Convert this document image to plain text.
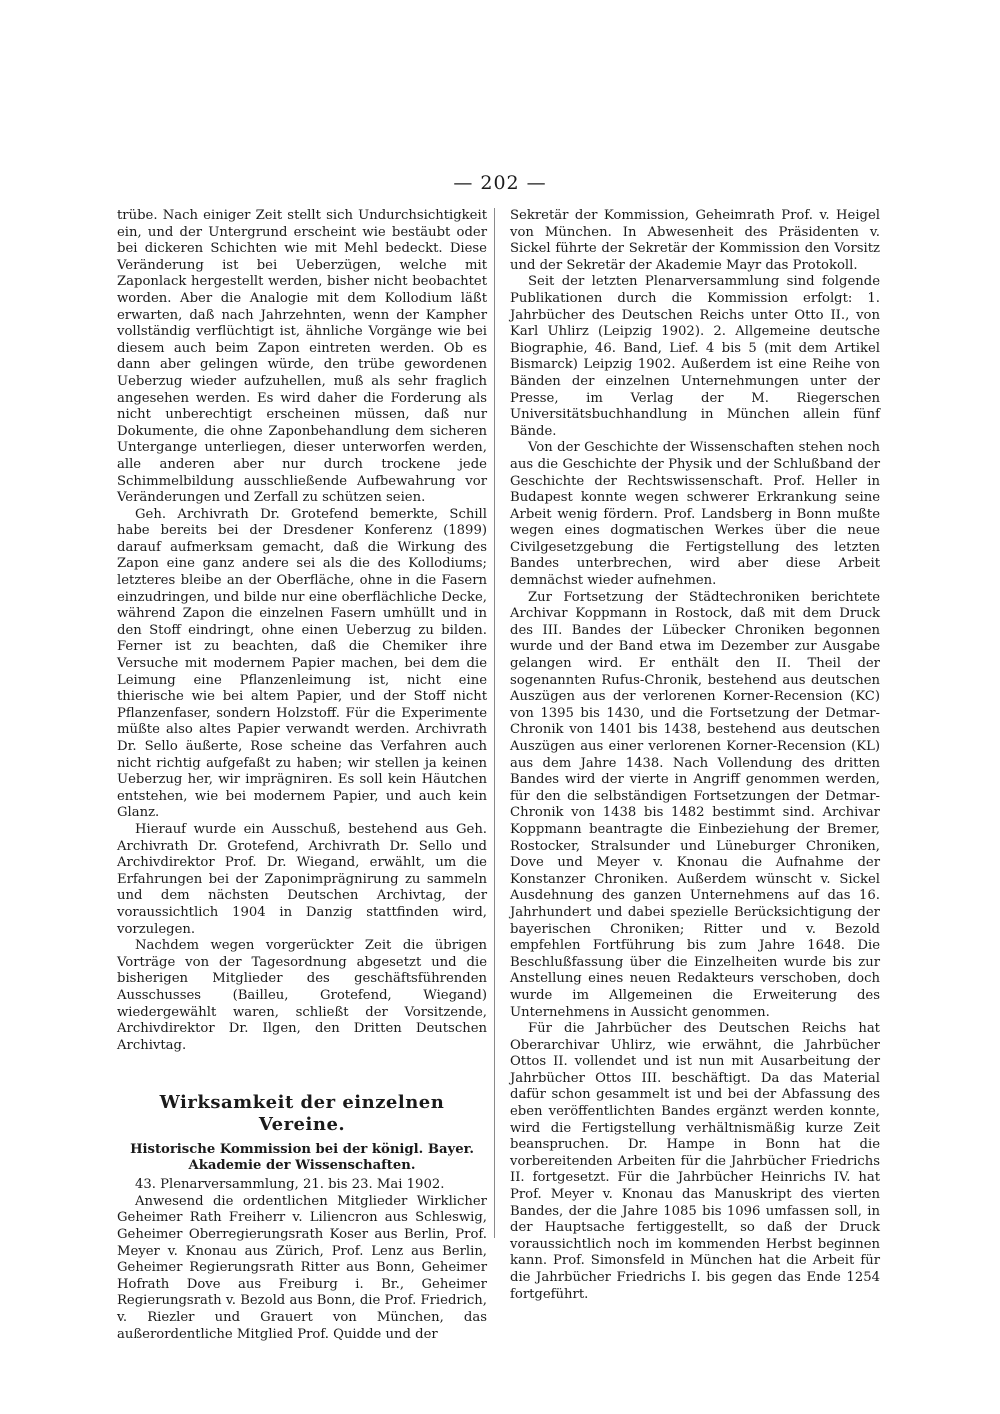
— 202 —

trübe. Nach einiger Zeit stellt sich Undurchsichtigkeit ein, und der Untergrund erscheint wie bestäubt oder bei dickeren Schichten wie mit Mehl bedeckt. Diese Veränderung ist bei Ueberzügen, welche mit Zaponlack hergestellt werden, bisher nicht beobachtet worden. Aber die Analogie mit dem Kollodium läßt erwarten, daß nach Jahrzehnten, wenn der Kampher vollständig verflüchtigt ist, ähnliche Vorgänge wie bei diesem auch beim Zapon eintreten werden. Ob es dann aber gelingen würde, den trübe gewordenen Ueberzug wieder aufzuhellen, muß als sehr fraglich angesehen werden. Es wird daher die Forderung als nicht unberechtigt erscheinen müssen, daß nur Dokumente, die ohne Zaponbehandlung dem sicheren Untergange unterliegen, dieser unterworfen werden, alle anderen aber nur durch trockene jede Schimmelbildung ausschließende Aufbewahrung vor Veränderungen und Zerfall zu schützen seien.

Geh. Archivrath Dr. Grotefend bemerkte, Schill habe bereits bei der Dresdener Konferenz (1899) darauf aufmerksam gemacht, daß die Wirkung des Zapon eine ganz andere sei als die des Kollodiums; letzteres bleibe an der Oberfläche, ohne in die Fasern einzudringen, und bilde nur eine oberflächliche Decke, während Zapon die einzelnen Fasern umhüllt und in den Stoff eindringt, ohne einen Ueberzug zu bilden. Ferner ist zu beachten, daß die Chemiker ihre Versuche mit modernem Papier machen, bei dem die Leimung eine Pflanzenleimung ist, nicht eine thierische wie bei altem Papier, und der Stoff nicht Pflanzenfaser, sondern Holzstoff. Für die Experimente müßte also altes Papier verwandt werden. Archivrath Dr. Sello äußerte, Rose scheine das Verfahren auch nicht richtig aufgefaßt zu haben; wir stellen ja keinen Ueberzug her, wir imprägniren. Es soll kein Häutchen entstehen, wie bei modernem Papier, und auch kein Glanz.

Hierauf wurde ein Ausschuß, bestehend aus Geh. Archivrath Dr. Grotefend, Archivrath Dr. Sello und Archivdirektor Prof. Dr. Wiegand, erwählt, um die Erfahrungen bei der Zaponimprägnirung zu sammeln und dem nächsten Deutschen Archivtag, der voraussichtlich 1904 in Danzig stattfinden wird, vorzulegen.

Nachdem wegen vorgerückter Zeit die übrigen Vorträge von der Tagesordnung abgesetzt und die bisherigen Mitglieder des geschäftsführenden Ausschusses (Bailleu, Grotefend, Wiegand) wiedergewählt waren, schließt der Vorsitzende, Archivdirektor Dr. Ilgen, den Dritten Deutschen Archivtag.

Wirksamkeit der einzelnen Vereine.
Historische Kommission bei der königl. Bayer. Akademie der Wissenschaften.

43. Plenarversammlung, 21. bis 23. Mai 1902.

Anwesend die ordentlichen Mitglieder Wirklicher Geheimer Rath Freiherr v. Liliencron aus Schleswig, Geheimer Oberregierungsrath Koser aus Berlin, Prof. Meyer v. Knonau aus Zürich, Prof. Lenz aus Berlin, Geheimer Regierungsrath Ritter aus Bonn, Geheimer Hofrath Dove aus Freiburg i. Br., Geheimer Regierungsrath v. Bezold aus Bonn, die Prof. Friedrich, v. Riezler und Grauert von München, das außerordentliche Mitglied Prof. Quidde und der

Sekretär der Kommission, Geheimrath Prof. v. Heigel von München. In Abwesenheit des Präsidenten v. Sickel führte der Sekretär der Kommission den Vorsitz und der Sekretär der Akademie Mayr das Protokoll.

Seit der letzten Plenarversammlung sind folgende Publikationen durch die Kommission erfolgt: 1. Jahrbücher des Deutschen Reichs unter Otto II., von Karl Uhlirz (Leipzig 1902). 2. Allgemeine deutsche Biographie, 46. Band, Lief. 4 bis 5 (mit dem Artikel Bismarck) Leipzig 1902. Außerdem ist eine Reihe von Bänden der einzelnen Unternehmungen unter der Presse, im Verlag der M. Riegerschen Universitätsbuchhandlung in München allein fünf Bände.

Von der Geschichte der Wissenschaften stehen noch aus die Geschichte der Physik und der Schlußband der Geschichte der Rechtswissenschaft. Prof. Heller in Budapest konnte wegen schwerer Erkrankung seine Arbeit wenig fördern. Prof. Landsberg in Bonn mußte wegen eines dogmatischen Werkes über die neue Civilgesetzgebung die Fertigstellung des letzten Bandes unterbrechen, wird aber diese Arbeit demnächst wieder aufnehmen.

Zur Fortsetzung der Städtechroniken berichtete Archivar Koppmann in Rostock, daß mit dem Druck des III. Bandes der Lübecker Chroniken begonnen wurde und der Band etwa im Dezember zur Ausgabe gelangen wird. Er enthält den II. Theil der sogenannten Rufus-Chronik, bestehend aus deutschen Auszügen aus der verlorenen Korner-Recension (KC) von 1395 bis 1430, und die Fortsetzung der Detmar-Chronik von 1401 bis 1438, bestehend aus deutschen Auszügen aus einer verlorenen Korner-Recension (KL) aus dem Jahre 1438. Nach Vollendung des dritten Bandes wird der vierte in Angriff genommen werden, für den die selbständigen Fortsetzungen der Detmar-Chronik von 1438 bis 1482 bestimmt sind. Archivar Koppmann beantragte die Einbeziehung der Bremer, Rostocker, Stralsunder und Lüneburger Chroniken, Dove und Meyer v. Knonau die Aufnahme der Konstanzer Chroniken. Außerdem wünscht v. Sickel Ausdehnung des ganzen Unternehmens auf das 16. Jahrhundert und dabei spezielle Berücksichtigung der bayerischen Chroniken; Ritter und v. Bezold empfehlen Fortführung bis zum Jahre 1648. Die Beschlußfassung über die Einzelheiten wurde bis zur Anstellung eines neuen Redakteurs verschoben, doch wurde im Allgemeinen die Erweiterung des Unternehmens in Aussicht genommen.

Für die Jahrbücher des Deutschen Reichs hat Oberarchivar Uhlirz, wie erwähnt, die Jahrbücher Ottos II. vollendet und ist nun mit Ausarbeitung der Jahrbücher Ottos III. beschäftigt. Da das Material dafür schon gesammelt ist und bei der Abfassung des eben veröffentlichten Bandes ergänzt werden konnte, wird die Fertigstellung verhältnismäßig kurze Zeit beanspruchen. Dr. Hampe in Bonn hat die vorbereitenden Arbeiten für die Jahrbücher Friedrichs II. fortgesetzt. Für die Jahrbücher Heinrichs IV. hat Prof. Meyer v. Knonau das Manuskript des vierten Bandes, der die Jahre 1085 bis 1096 umfassen soll, in der Hauptsache fertiggestellt, so daß der Druck voraussichtlich noch im kommenden Herbst beginnen kann. Prof. Simonsfeld in München hat die Arbeit für die Jahrbücher Friedrichs I. bis gegen das Ende 1254 fortgeführt.
